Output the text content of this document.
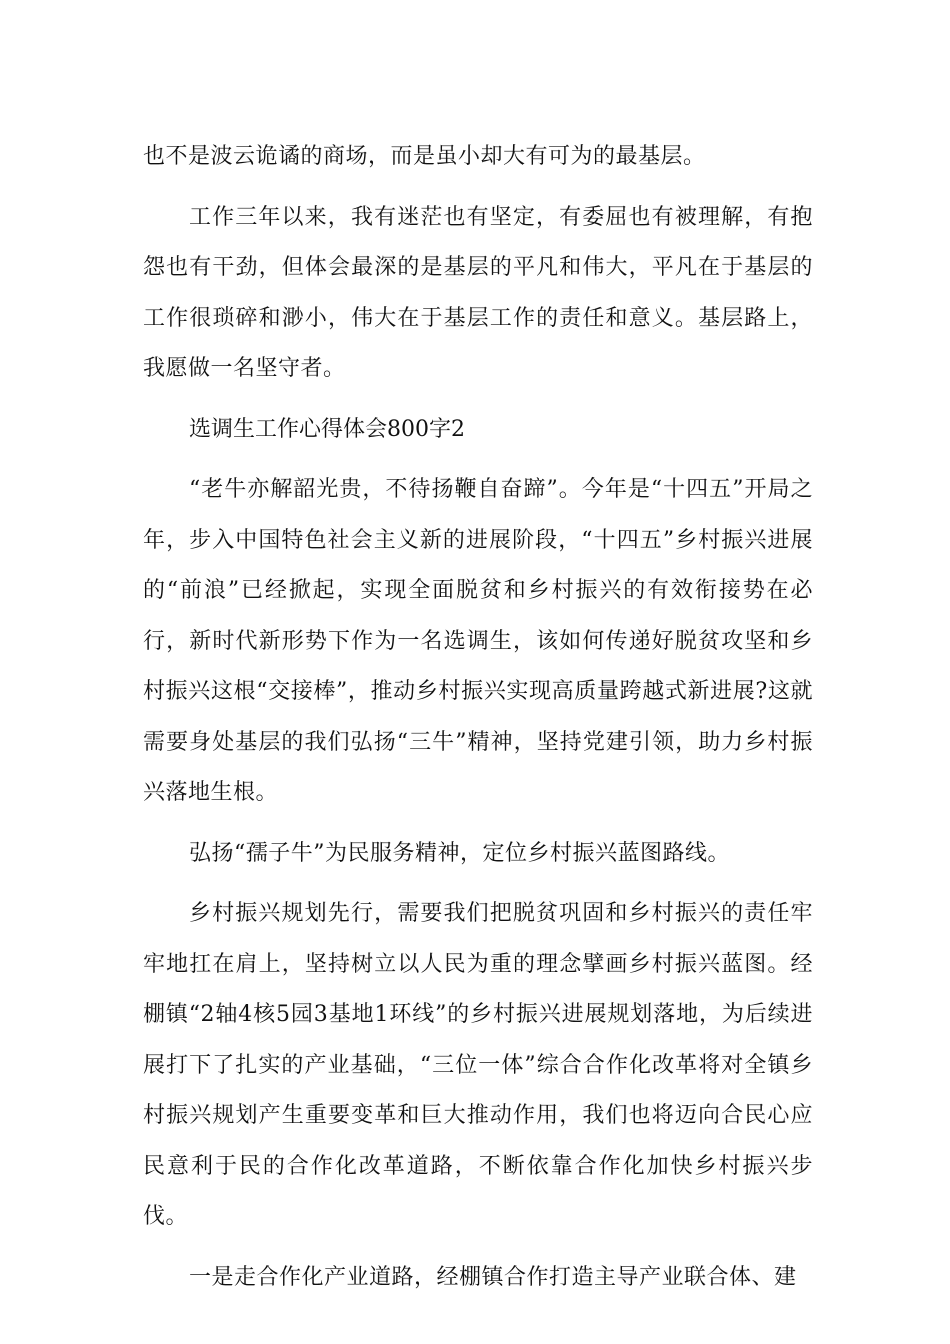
也不是波云诡谲的商场，而是虽小却大有可为的最基层。

工作三年以来，我有迷茫也有坚定，有委屈也有被理解，有抱怨也有干劲，但体会最深的是基层的平凡和伟大，平凡在于基层的工作很琐碎和渺小，伟大在于基层工作的责任和意义。基层路上，我愿做一名坚守者。

选调生工作心得体会800字2

“老牛亦解韶光贵，不待扬鞭自奋蹄”。今年是“十四五”开局之年，步入中国特色社会主义新的进展阶段，“十四五”乡村振兴进展的“前浪”已经掀起，实现全面脱贫和乡村振兴的有效衔接势在必行，新时代新形势下作为一名选调生，该如何传递好脱贫攻坚和乡村振兴这根“交接棒”，推动乡村振兴实现高质量跨越式新进展?这就需要身处基层的我们弘扬“三牛”精神，坚持党建引领，助力乡村振兴落地生根。

弘扬“孺子牛”为民服务精神，定位乡村振兴蓝图路线。

乡村振兴规划先行，需要我们把脱贫巩固和乡村振兴的责任牢牢地扛在肩上，坚持树立以人民为重的理念擘画乡村振兴蓝图。经棚镇“2轴4核5园3基地1环线”的乡村振兴进展规划落地，为后续进展打下了扎实的产业基础，“三位一体”综合合作化改革将对全镇乡村振兴规划产生重要变革和巨大推动作用，我们也将迈向合民心应民意利于民的合作化改革道路，不断依靠合作化加快乡村振兴步伐。

一是走合作化产业道路，经棚镇合作打造主导产业联合体、建
